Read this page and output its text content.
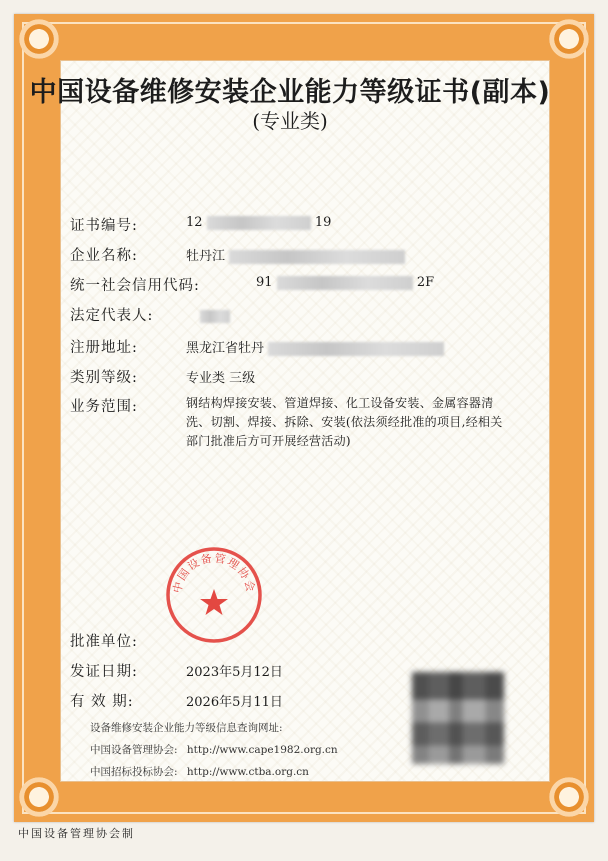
中国设备维修安装企业能力等级证书(副本)
(专业类)
证书编号:	12	19
企业名称:	牡丹江
统一社会信用代码:	91	2F
法定代表人:
注册地址:	黑龙江省牡丹
类别等级:	专业类 三级
业务范围:	钢结构焊接安装、管道焊接、化工设备安装、金属容器清洗、切割、焊接、拆除、安装(依法须经批准的项目,经相关部门批准后方可开展经营活动)
中国设备管理协会
批准单位:
发证日期:	2023年5月12日
有 效 期:	2026年5月11日
设备维修安装企业能力等级信息查询网址:
中国设备管理协会: http://www.cape1982.org.cn
中国招标投标协会: http://www.ctba.org.cn
中国设备管理协会制
